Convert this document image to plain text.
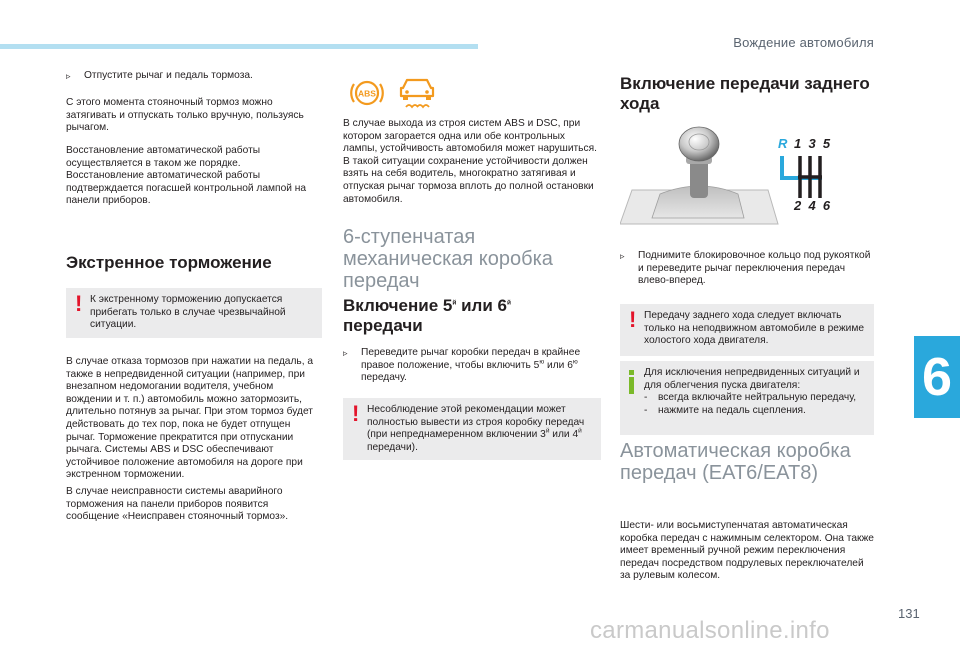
Вождение автомобиля
6
▹	Отпустите рычаг и педаль тормоза.

С этого момента стояночный тормоз можно затягивать и отпускать только вручную, пользуясь рычагом.

Восстановление автоматической работы осуществляется в таком же порядке. Восстановление автоматической работы подтверждается погасшей контрольной лампой на панели приборов.

Экстренное торможение
! К экстренному торможению допускается прибегать только в случае чрезвычайной ситуации.

В случае отказа тормозов при нажатии на педаль, а также в непредвиденной ситуации (например, при внезапном недомогании водителя, учебном вождении и т. п.) автомобиль можно затормозить, длительно потянув за рычаг. При этом тормоз будет действовать до тех пор, пока не будет отпущен рычаг. Торможение прекратится при отпускании рычага. Системы ABS и DSC обеспечивают устойчивое положение автомобиля на дороге при экстренном торможении.

В случае неисправности системы аварийного торможения на панели приборов появится сообщение «Неисправен стояночный тормоз».

ABS

В случае выхода из строя систем ABS и DSC, при котором загорается одна или обе контрольных лампы, устойчивость автомобиля может нарушиться. В такой ситуации сохранение устойчивости должен взять на себя водитель, многократно затягивая и отпуская рычаг тормоза вплоть до полной остановки автомобиля.

6-ступенчатая механическая коробка передач
Включение $5^й$ или $6^й$
передачи
▹	Переведите рычаг коробки передач в крайнее правое положение, чтобы включить $5^ю$ или $6^ю$ передачу.
! Несоблюдение этой рекомендации может полностью вывести из строя коробку передач (при непреднамеренном включении $3^й$ или $4^й$ передачи).
Включение передачи заднего хода
R 1  3  5
2  4  6
▹	Поднимите блокировочное кольцо под рукояткой и переведите рычаг переключения передач влево-вперед.
! Передачу заднего хода следует включать только на неподвижном автомобиле в режиме холостого хода двигателя.
Для исключения непредвиденных ситуаций и для облегчения пуска двигателя:
-	всегда включайте нейтральную передачу,
-	нажмите на педаль сцепления.
Автоматическая коробка передач (EAT6/EAT8)

Шести- или восьмиступенчатая автоматическая коробка передач с нажимным селектором. Она также имеет временный ручной режим переключения передач посредством подрулевых переключателей за рулевым колесом.

131
carmanualsonline.info
